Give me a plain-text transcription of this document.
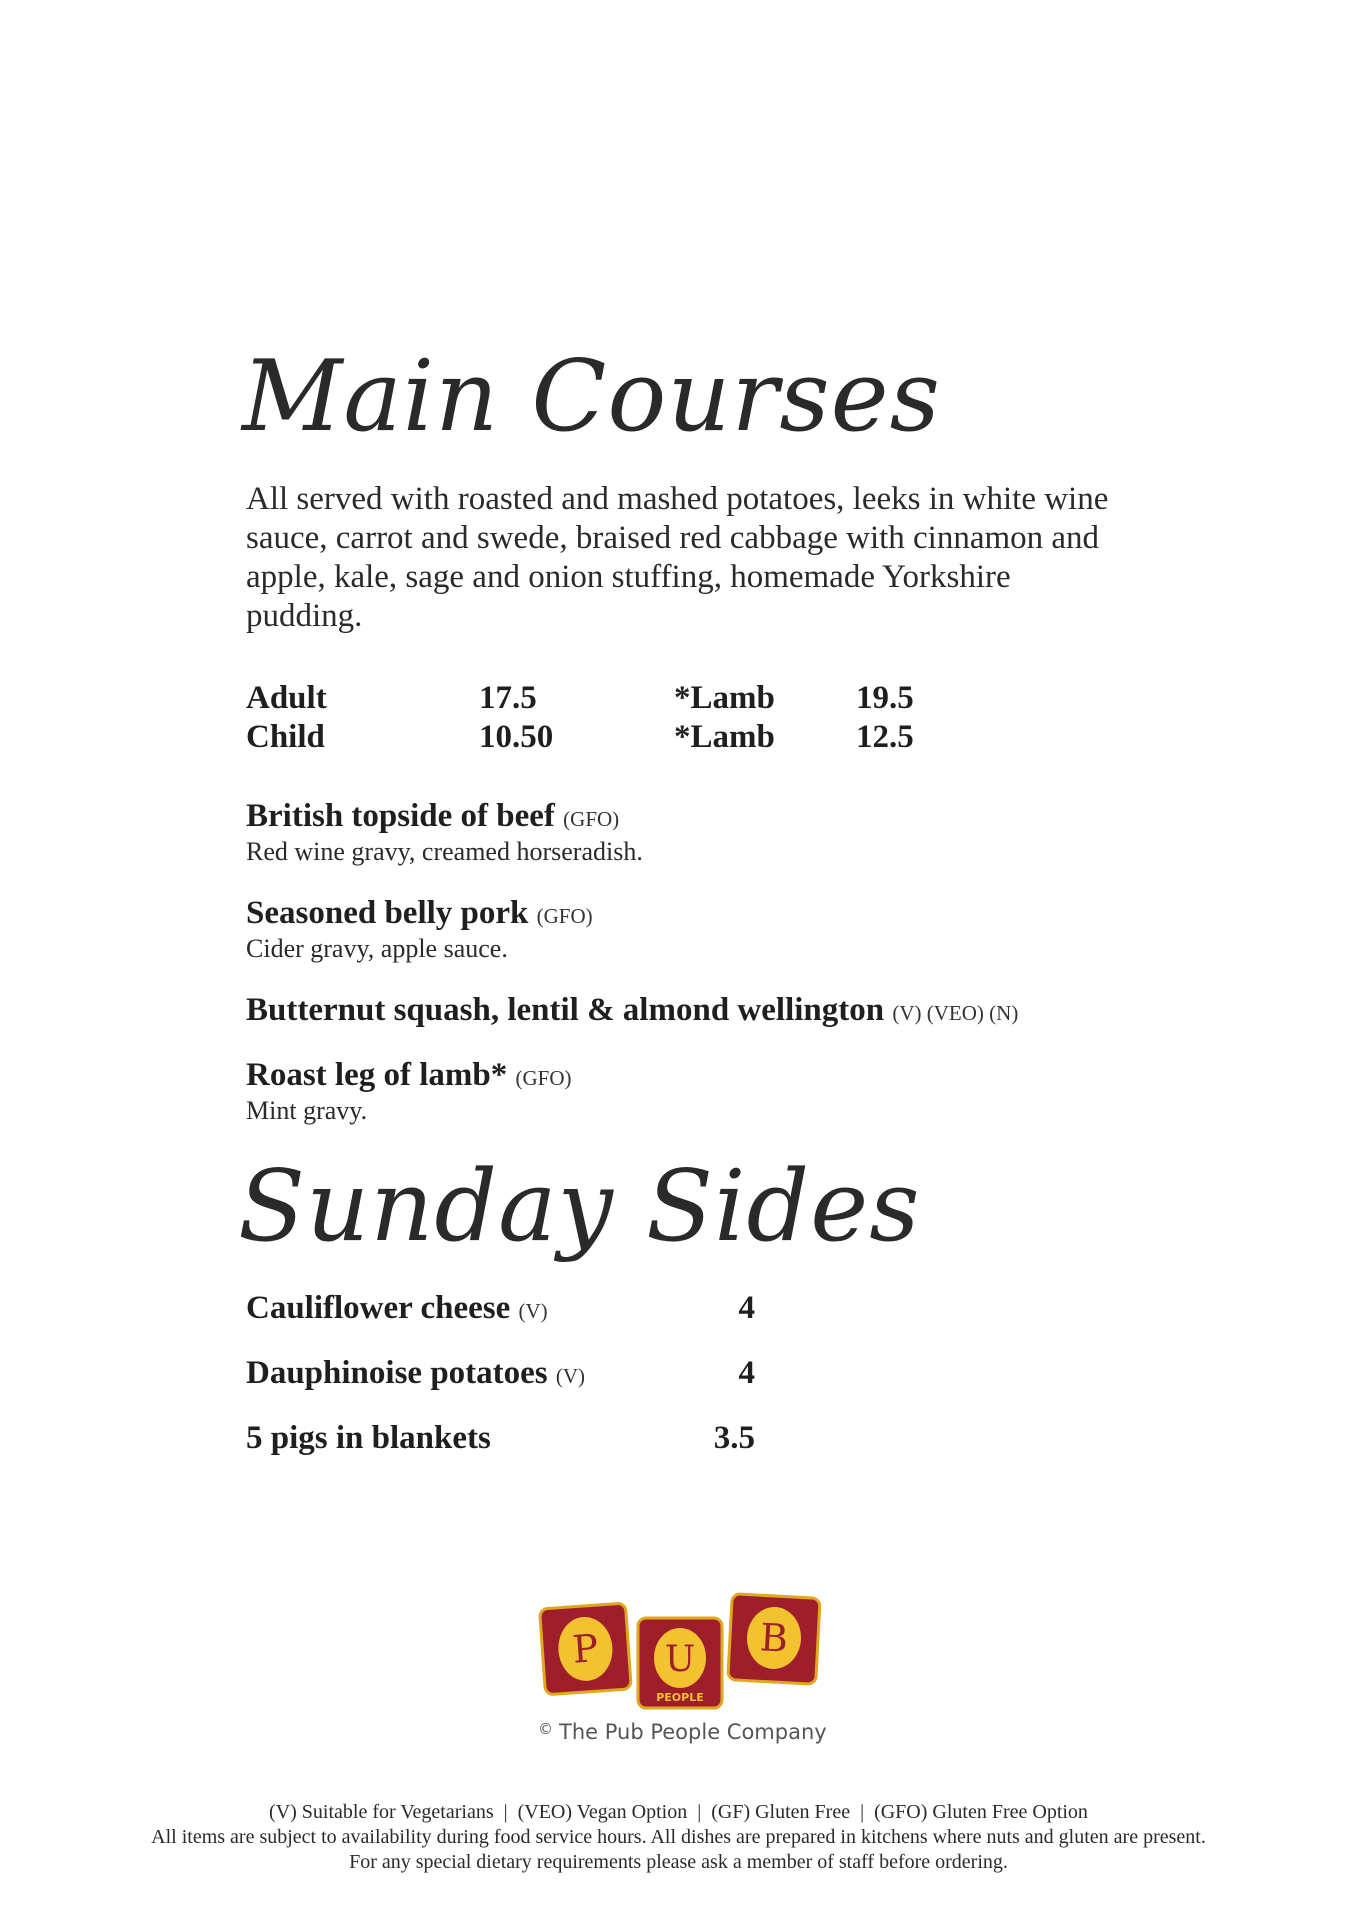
Main Courses
All served with roasted and mashed potatoes, leeks in white wine sauce, carrot and swede, braised red cabbage with cinnamon and apple, kale, sage and onion stuffing, homemade Yorkshire pudding.
Adult	17.5	*Lamb 19.5
Child	10.50	*Lamb 12.5
British topside of beef (GFO)
Red wine gravy, creamed horseradish.
Seasoned belly pork (GFO)
Cider gravy, apple sauce.
Butternut squash, lentil & almond wellington (V) (VEO) (N)
Roast leg of lamb* (GFO)
Mint gravy.
Sunday Sides
Cauliflower cheese (V)	4
Dauphinoise potatoes (V)	4
5 pigs in blankets	3.5
P U
PEOPLE
B
© The Pub People Company
(V) Suitable for Vegetarians  |  (VEO) Vegan Option  |  (GF) Gluten Free  |  (GFO) Gluten Free Option
All items are subject to availability during food service hours. All dishes are prepared in kitchens where nuts and gluten are present.
For any special dietary requirements please ask a member of staff before ordering.
